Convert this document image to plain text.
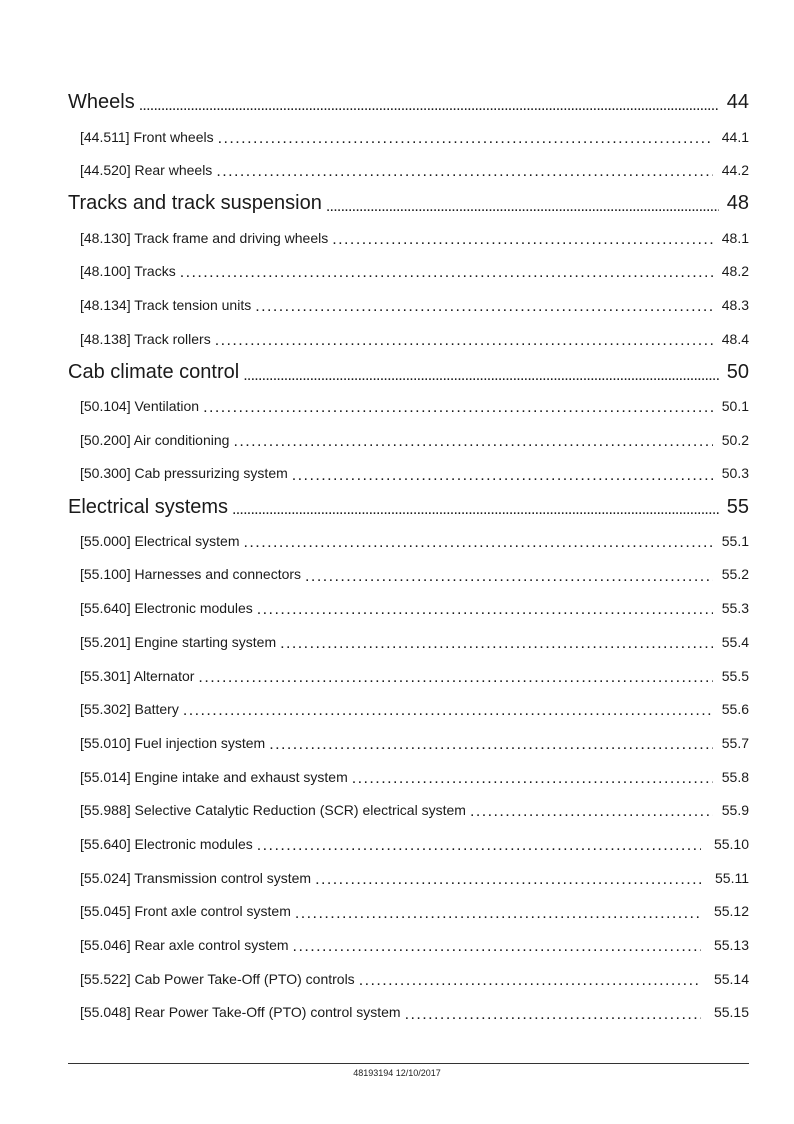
Wheels . . .	44
[44.511] Front wheels . . .	44.1
[44.520] Rear wheels . . .	44.2
Tracks and track suspension . . .	48
[48.130] Track frame and driving wheels . . .	48.1
[48.100] Tracks . . .	48.2
[48.134] Track tension units . . .	48.3
[48.138] Track rollers . . .	48.4
Cab climate control . . .	50
[50.104] Ventilation . . .	50.1
[50.200] Air conditioning . . .	50.2
[50.300] Cab pressurizing system . . .	50.3
Electrical systems . . .	55
[55.000] Electrical system . . .	55.1
[55.100] Harnesses and connectors . . .	55.2
[55.640] Electronic modules . . .	55.3
[55.201] Engine starting system . . .	55.4
[55.301] Alternator . . .	55.5
[55.302] Battery . . .	55.6
[55.010] Fuel injection system . . .	55.7
[55.014] Engine intake and exhaust system . . .	55.8
[55.988] Selective Catalytic Reduction (SCR) electrical system . . .	55.9
[55.640] Electronic modules . . .	55.10
[55.024] Transmission control system . . .	55.11
[55.045] Front axle control system . . .	55.12
[55.046] Rear axle control system . . .	55.13
[55.522] Cab Power Take-Off (PTO) controls . . .	55.14
[55.048] Rear Power Take-Off (PTO) control system . . .	55.15
48193194 12/10/2017
